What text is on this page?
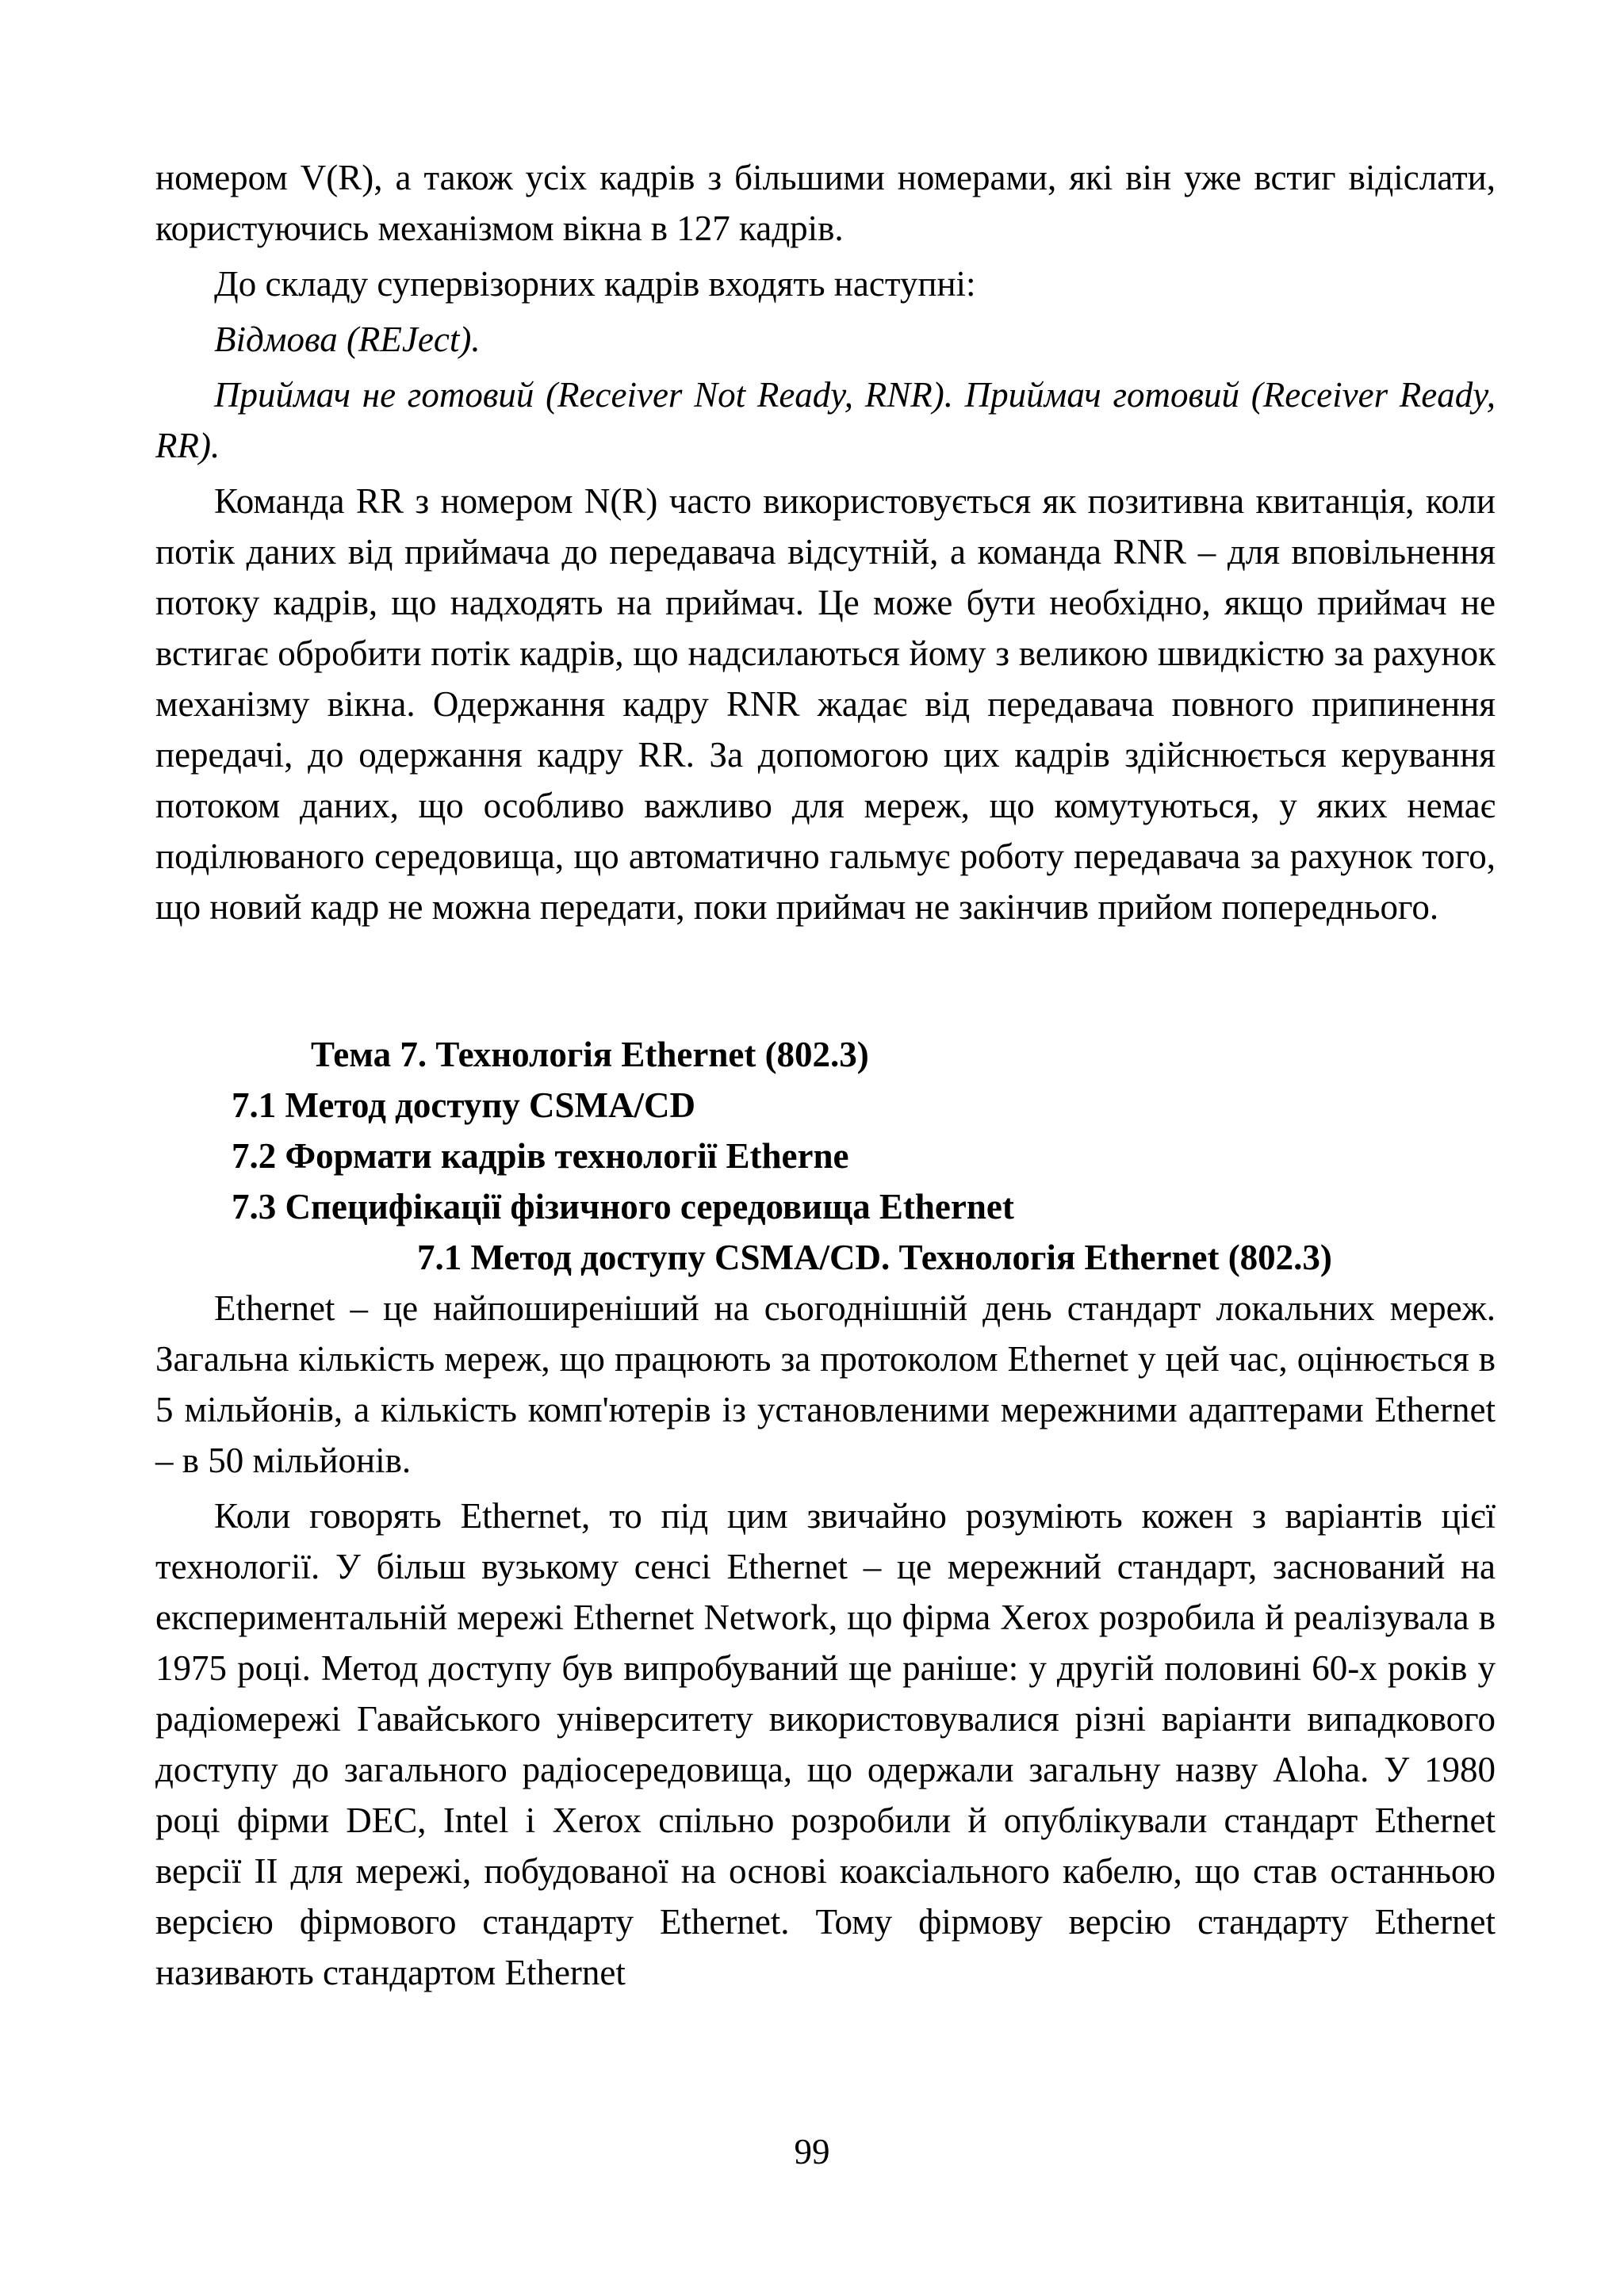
номером V(R), а також усіх кадрів з більшими номерами, які він уже встиг відіслати, користуючись механізмом вікна в 127 кадрів.

До складу супервізорних кадрів входять наступні:

Відмова (REJect).

Приймач не готовий (Receiver Not Ready, RNR). Приймач готовий (Receiver Ready, RR).

Команда RR з номером N(R) часто використовується як позитивна квитанція, коли потік даних від приймача до передавача відсутній, а команда RNR – для вповільнення потоку кадрів, що надходять на приймач. Це може бути необхідно, якщо приймач не встигає обробити потік кадрів, що надсилаються йому з великою швидкістю за рахунок механізму вікна. Одержання кадру RNR жадає від передавача повного припинення передачі, до одержання кадру RR. За допомогою цих кадрів здійснюється керування потоком даних, що особливо важливо для мереж, що комутуються, у яких немає поділюваного середовища, що автоматично гальмує роботу передавача за рахунок того, що новий кадр не можна передати, поки приймач не закінчив прийом попереднього.

Тема 7. Технологія Ethernet (802.3)
7.1 Метод доступу CSMA/CD
7.2 Формати кадрів технології Etherne
7.3 Специфікації фізичного середовища Ethernet
7.1 Метод доступу CSMA/CD. Технологія Ethernet (802.3)

Ethernet – це найпоширеніший на сьогоднішній день стандарт локальних мереж. Загальна кількість мереж, що працюють за протоколом Ethernet у цей час, оцінюється в 5 мільйонів, а кількість комп'ютерів із установленими мережними адаптерами Ethernet – в 50 мільйонів.

Коли говорять Ethernet, то під цим звичайно розуміють кожен з варіантів цієї технології. У більш вузькому сенсі Ethernet – це мережний стандарт, заснований на експериментальній мережі Ethernet Network, що фірма Xerox розробила й реалізувала в 1975 році. Метод доступу був випробуваний ще раніше: у другій половині 60-х років у радіомережі Гавайського університету використовувалися різні варіанти випадкового доступу до загального радіосередовища, що одержали загальну назву Aloha. У 1980 році фірми DEC, Intel і Xerox спільно розробили й опублікували стандарт Ethernet версії II для мережі, побудованої на основі коаксіального кабелю, що став останньою версією фірмового стандарту Ethernet. Тому фірмову версію стандарту Ethernet називають стандартом Ethernet

99
